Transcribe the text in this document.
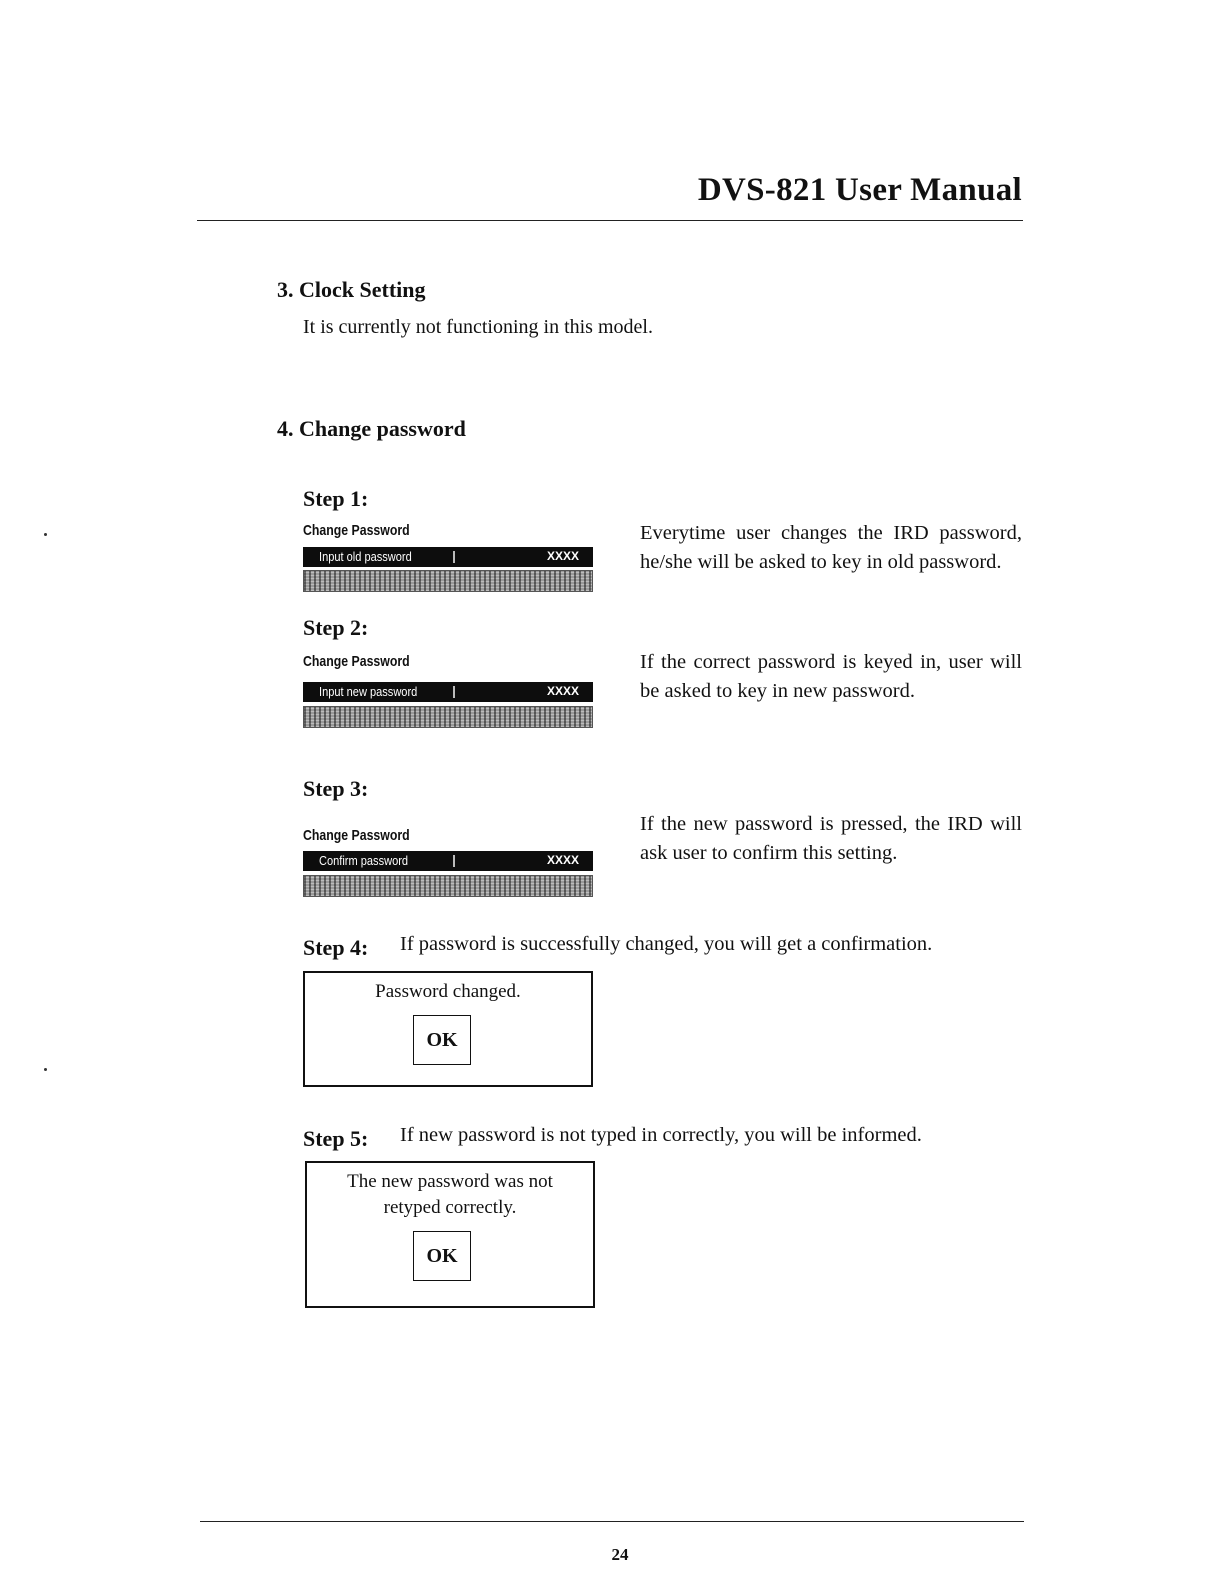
DVS-821 User Manual
3. Clock Setting
It is currently not functioning in this model.
4. Change password
Step 1:
Change Password
Input old password	XXXX
Everytime user changes the IRD password, he/she will be asked to key in old password.
Step 2:
Change Password
Input new password	XXXX
If the correct password is keyed in, user will be asked to key in new password.
Step 3:
Change Password
Confirm password	XXXX
If the new password is pressed, the IRD will ask user to confirm this setting.
Step 4: If password is successfully changed, you will get a confirmation.
Password changed.
OK
Step 5: If new password is not typed in correctly, you will be informed.
The new password was not
retyped correctly.
OK
24
